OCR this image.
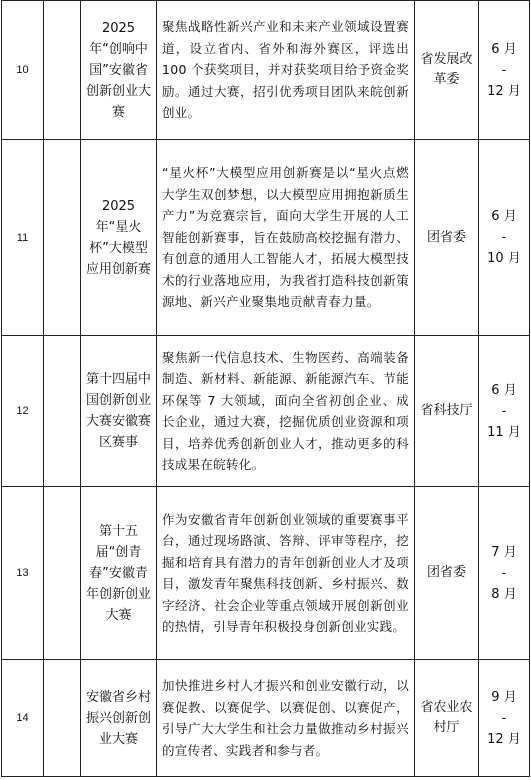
10		2025 年“创响中国”安徽省创新创业大赛	聚焦战略性新兴产业和未来产业领域设置赛道，设立省内、省外和海外赛区，评选出 100 个获奖项目，并对获奖项目给予资金奖励。通过大赛，招引优秀项目团队来皖创新创业。	省发展改革委	6 月
-
12 月

11		2025 年“星火杯”大模型应用创新赛	“星火杯”大模型应用创新赛是以“星火点燃大学生双创梦想，以大模型应用拥抱新质生产力”为竞赛宗旨，面向大学生开展的人工智能创新赛事，旨在鼓励高校挖掘有潜力、有创意的通用人工智能人才，拓展大模型技术的行业落地应用，为我省打造科技创新策源地、新兴产业聚集地贡献青春力量。	团省委	6 月
-
10 月

12		第十四届中国创新创业大赛安徽赛区赛事	聚焦新一代信息技术、生物医药、高端装备制造、新材料、新能源、新能源汽车、节能环保等 7 大领域，面向全省初创企业、成长企业，通过大赛，挖掘优质创业资源和项目，培养优秀创新创业人才，推动更多的科技成果在皖转化。	省科技厅	6 月
-
11 月

13		第十五届“创青春”安徽青年创新创业大赛	作为安徽省青年创新创业领域的重要赛事平台，通过现场路演、答辩、评审等程序，挖掘和培育具有潜力的青年创新创业人才及项目，激发青年聚焦科技创新、乡村振兴、数字经济、社会企业等重点领域开展创新创业的热情，引导青年积极投身创新创业实践。	团省委	7 月
-
8 月

14		安徽省乡村振兴创新创业大赛	加快推进乡村人才振兴和创业安徽行动，以赛促教、以赛促学、以赛促创、以赛促产，引导广大大学生和社会力量做推动乡村振兴的宣传者、实践者和参与者。	省农业农村厅	9 月
-
12 月
